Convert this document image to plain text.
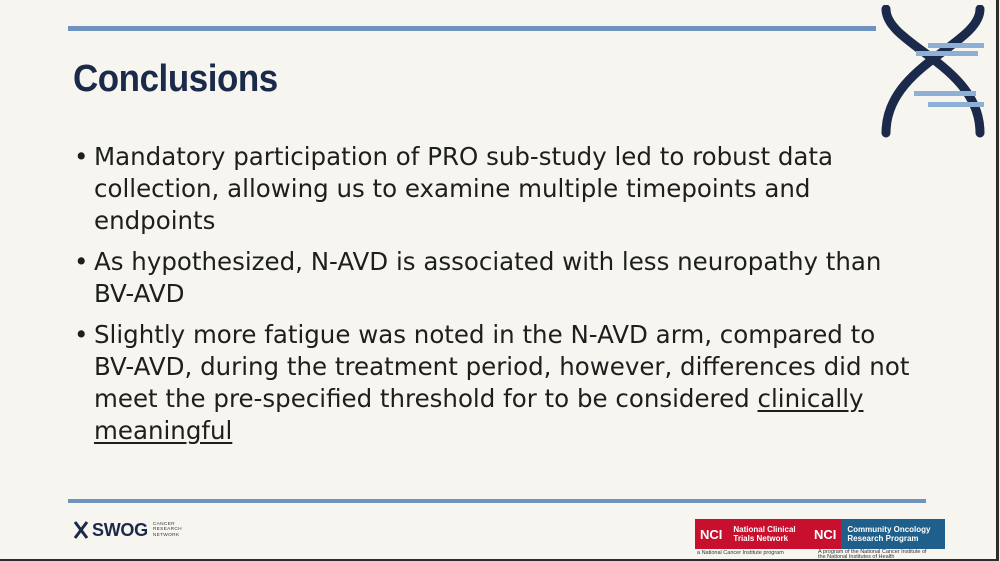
Conclusions
• Mandatory participation of PRO sub-study led to robust data collection, allowing us to examine multiple timepoints and endpoints
• As hypothesized, N-AVD is associated with less neuropathy than BV-AVD
• Slightly more fatigue was noted in the N-AVD arm, compared to BV-AVD, during the treatment period, however, differences did not meet the pre-specified threshold for to be considered clinically meaningful
SWOG CANCER
RESEARCH
NETWORK	NCI	National Clinical
Trials Network
a National Cancer Institute program
NCI	Community Oncology
Research Program
A program of the National Cancer Institute of the National Institutes of Health
